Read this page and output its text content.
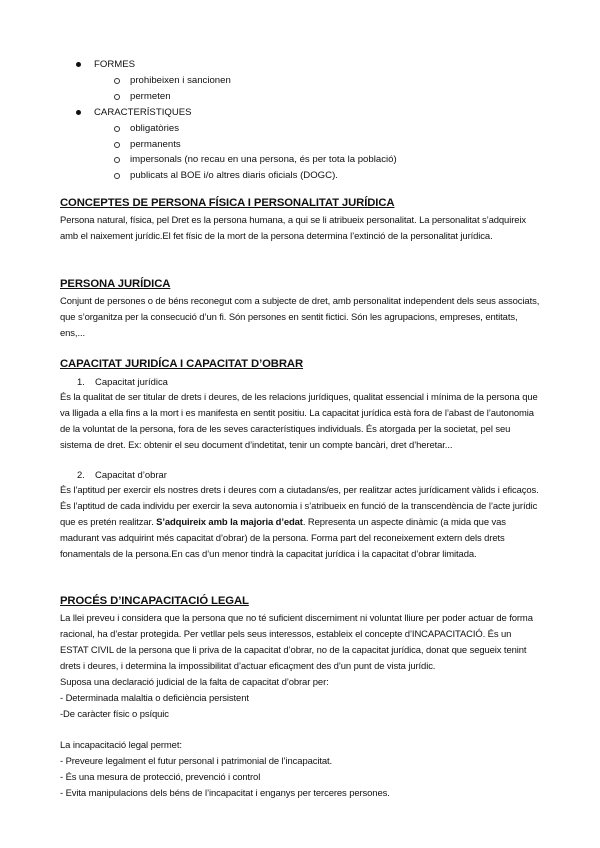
FORMES
prohibeixen i sancionen
permeten
CARACTERÍSTIQUES
obligatòries
permanents
impersonals (no recau en una persona, és per tota la població)
publicats al BOE i/o altres diaris oficials (DOGC).
CONCEPTES DE PERSONA FÍSICA I PERSONALITAT JURÍDICA
Persona natural, física, pel Dret es la persona humana, a qui se li atribueix personalitat. La personalitat s’adquireix amb el naixement jurídic.El fet físic de la mort de la persona determina l’extinció de la personalitat jurídica.
PERSONA JURÍDICA
Conjunt de persones o de béns reconegut com a subjecte de dret, amb personalitat independent dels seus associats, que s’organitza per la consecució d’un fi. Són persones en sentit fictici. Són les agrupacions, empreses, entitats, ens,...
CAPACITAT JURIDÍCA I CAPACITAT D’OBRAR
1. Capacitat jurídica
És la qualitat de ser titular de drets i deures, de les relacions jurídiques, qualitat essencial i mínima de la persona que va lligada a ella fins a la mort i es manifesta en sentit positiu. La capacitat jurídica està fora de l’abast de l’autonomia de la voluntat de la persona, fora de les seves característiques individuals. És atorgada per la societat, pel seu sistema de dret. Ex: obtenir el seu document d’indetitat, tenir un compte bancàri, dret d’heretar...
2. Capacitat d’obrar
És l’aptitud per exercir els nostres drets i deures com a ciutadans/es, per realitzar actes jurídicament vàlids i eficaços. És l’aptitud de cada individu per exercir la seva autonomia i s’atribueix en funció de la transcendència de l’acte jurídic que es pretén realitzar. S’adquireix amb la majoria d’edat. Representa un aspecte dinàmic (a mida que vas madurant vas adquirint més capacitat d’obrar) de la persona. Forma part del reconeixement extern dels drets fonamentals de la persona.En cas d’un menor tindrà la capacitat jurídica i la capacitat d’obrar limitada.
PROCÉS D’INCAPACITACIÓ LEGAL
La llei preveu i considera que la persona que no té suficient discerniment ni voluntat lliure per poder actuar de forma racional, ha d’estar protegida. Per vetllar pels seus interessos, estableix el concepte d’INCAPACITACIÓ. És un ESTAT CIVIL de la persona que li priva de la capacitat d’obrar, no de la capacitat jurídica, donat que segueix tenint drets i deures, i determina la impossibilitat d’actuar eficaçment des d’un punt de vista jurídic.
Suposa una declaració judicial de la falta de capacitat d’obrar per:
- Determinada malaltia o deficiència persistent
-De caràcter físic o psíquic
La incapacitació legal permet:
- Preveure legalment el futur personal i patrimonial de l’incapacitat.
- És una mesura de protecció, prevenció i control
- Evita manipulacions dels béns de l’incapacitat i enganys per terceres persones.
